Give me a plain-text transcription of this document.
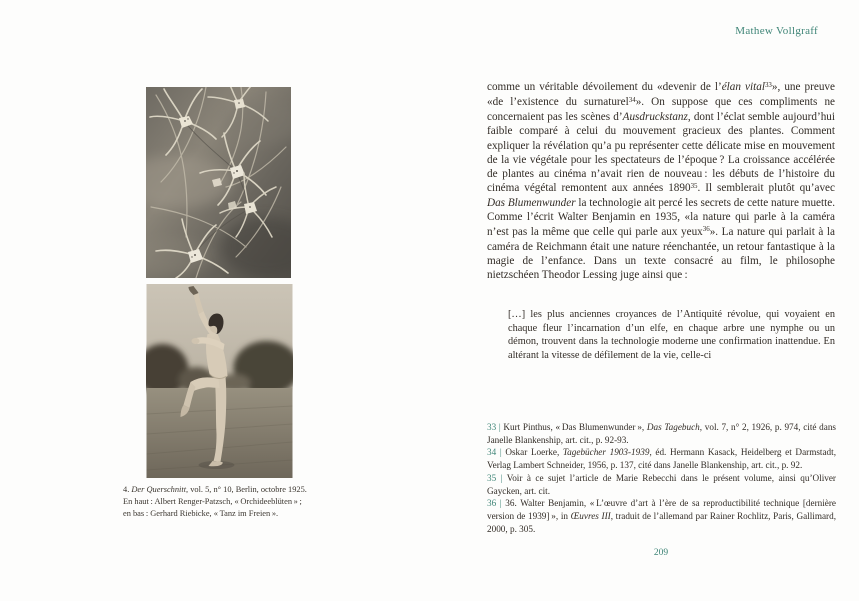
4. Der Querschnitt, vol. 5, n° 10, Berlin, octobre 1925.
En haut : Albert Renger-Patzsch, « Orchideeblüten » ;
en bas : Gerhard Riebicke, « Tanz im Freien ».
Mathew Vollgraff
comme un véritable dévoilement du «devenir de l’élan vital$^{33}$», une preuve «de l’existence du surnaturel$^{34}$». On suppose que ces compliments ne concernaient pas les scènes d’Ausdruckstanz, dont l’éclat semble aujourd’hui faible comparé à celui du mouvement gracieux des plantes. Comment expliquer la révélation qu’a pu représenter cette délicate mise en mouvement de la vie végétale pour les spectateurs de l’époque ? La croissance accélérée de plantes au cinéma n’avait rien de nouveau : les débuts de l’histoire du cinéma végétal remontent aux années 1890$^{35}$. Il semblerait plutôt qu’avec Das Blumenwunder la technologie ait percé les secrets de cette nature muette. Comme l’écrit Walter Benjamin en 1935, «la nature qui parle à la caméra n’est pas la même que celle qui parle aux yeux$^{36}$». La nature qui parlait à la caméra de Reichmann était une nature réenchantée, un retour fantastique à la magie de l’enfance. Dans un texte consacré au film, le philosophe nietzschéen Theodor Lessing juge ainsi que :
[…] les plus anciennes croyances de l’Antiquité révolue, qui voyaient en chaque fleur l’incarnation d’un elfe, en chaque arbre une nymphe ou un démon, trouvent dans la technologie moderne une confirmation inattendue. En altérant la vitesse de défilement de la vie, celle-ci
33 | Kurt Pinthus, « Das Blumenwunder », Das Tagebuch, vol. 7, n° 2, 1926, p. 974, cité dans Janelle Blankenship, art. cit., p. 92-93.
34 | Oskar Loerke, Tagebücher 1903-1939, éd. Hermann Kasack, Heidelberg et Darmstadt, Verlag Lambert Schneider, 1956, p. 137, cité dans Janelle Blankenship, art. cit., p. 92.
35 | Voir à ce sujet l’article de Marie Rebecchi dans le présent volume, ainsi qu’Oliver Gaycken, art. cit.
36 | 36. Walter Benjamin, « L’œuvre d’art à l’ère de sa reproductibilité technique [dernière version de 1939] », in Œuvres III, traduit de l’allemand par Rainer Rochlitz, Paris, Gallimard, 2000, p. 305.
209
